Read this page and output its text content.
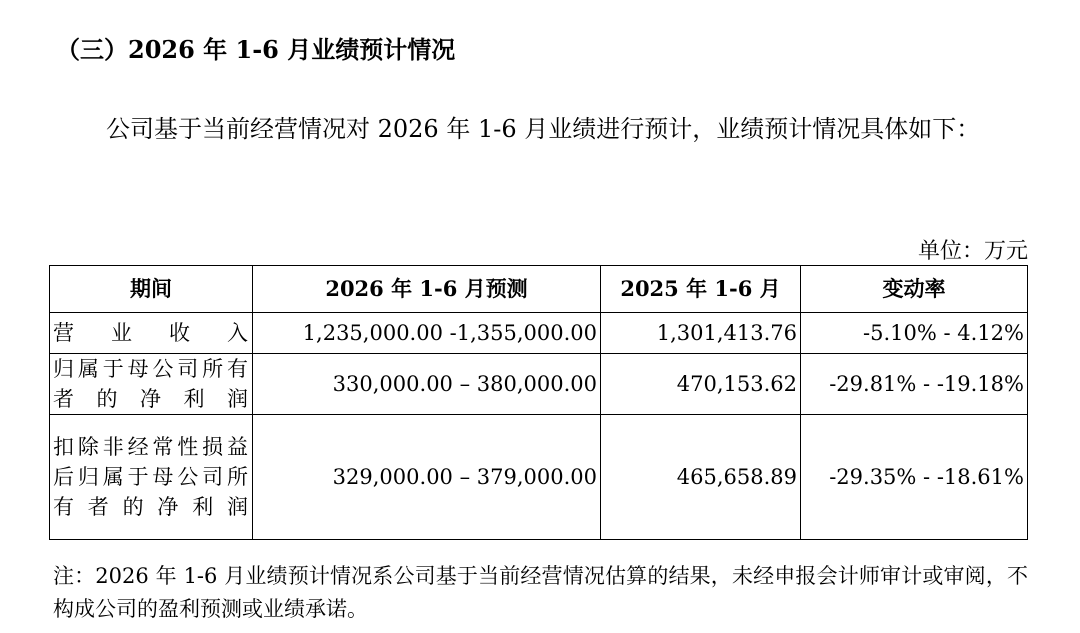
（三）2026 年 1-6 月业绩预计情况
公司基于当前经营情况对 2026 年 1-6 月业绩进行预计，业绩预计情况具体如下：
单位：万元
期间	2026 年 1-6 月预测	2025 年 1-6 月	变动率
营业收入	1,235,000.00 -1,355,000.00	1,301,413.76	-5.10% - 4.12%
归属于母公司所有者的净利润	330,000.00 – 380,000.00	470,153.62	-29.81% - -19.18%
扣除非经常性损益后归属于母公司所有者的净利润	329,000.00 – 379,000.00	465,658.89	-29.35% - -18.61%
注：2026 年 1-6 月业绩预计情况系公司基于当前经营情况估算的结果，未经申报会计师审计或审阅，不构成公司的盈利预测或业绩承诺。
